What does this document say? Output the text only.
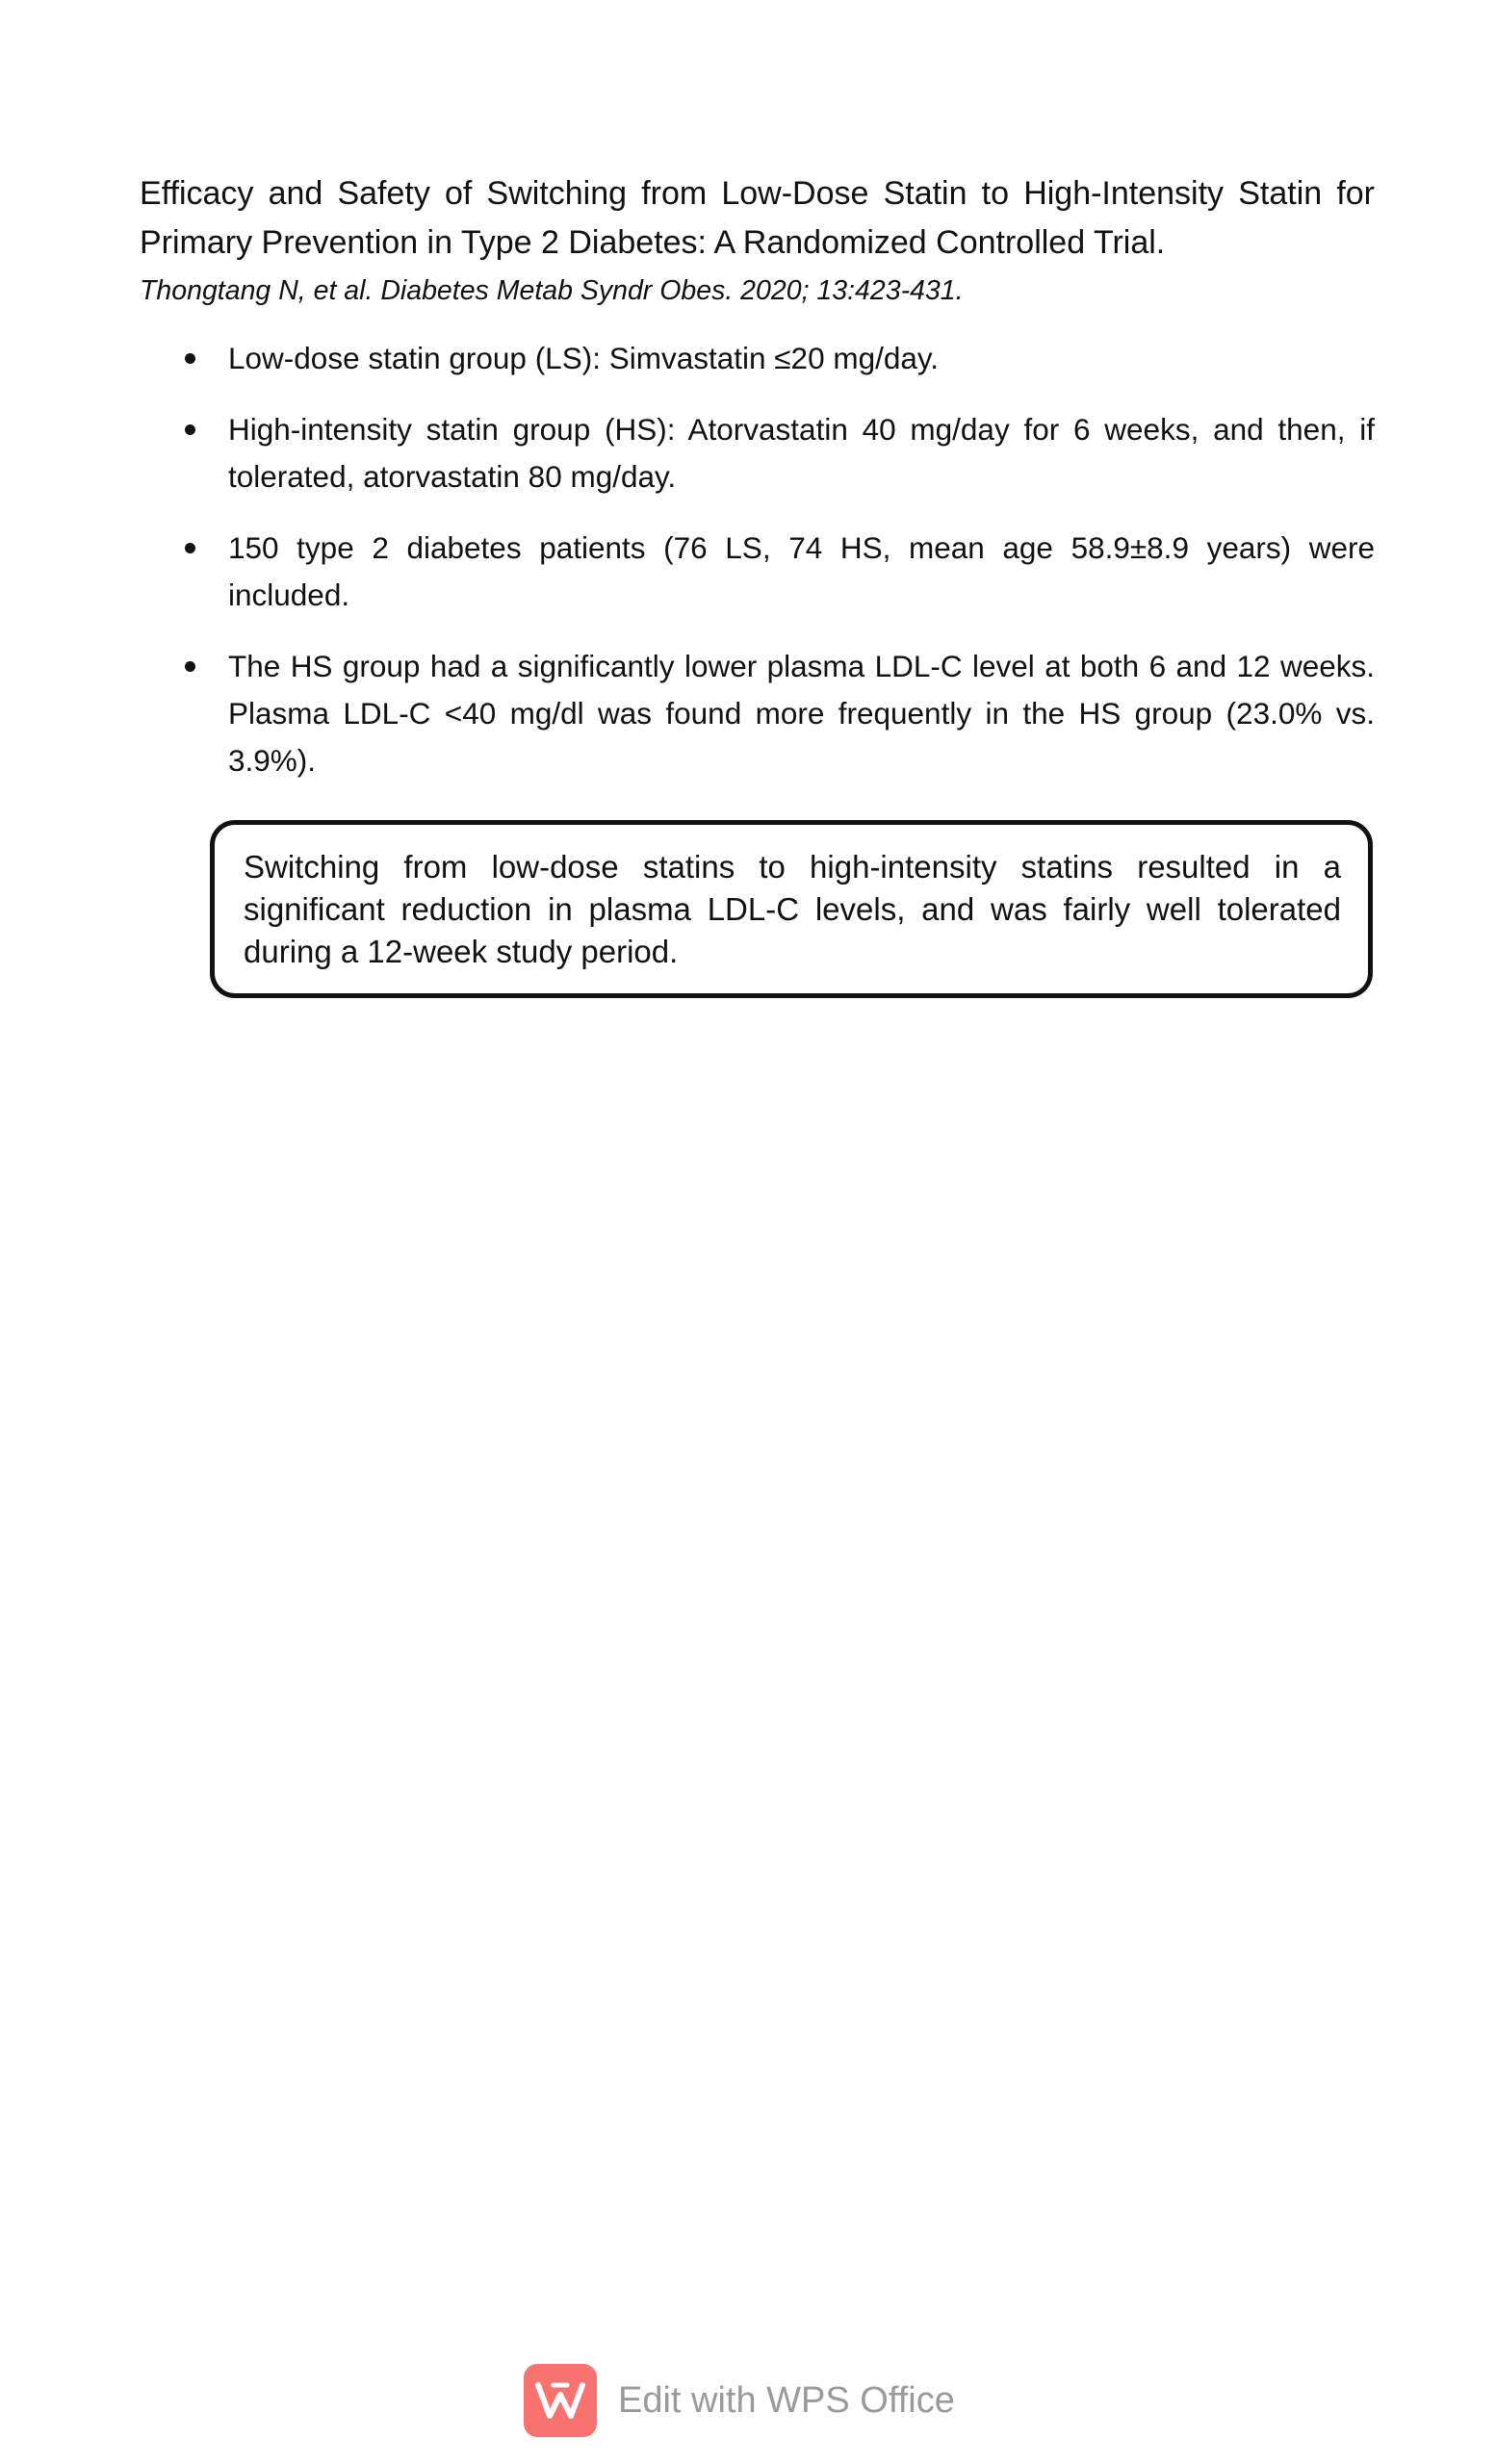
Efficacy and Safety of Switching from Low-Dose Statin to High-Intensity Statin for Primary Prevention in Type 2 Diabetes: A Randomized Controlled Trial.

Thongtang N, et al. Diabetes Metab Syndr Obes. 2020; 13:423-431.

Low-dose statin group (LS): Simvastatin ≤20 mg/day.
High-intensity statin group (HS): Atorvastatin 40 mg/day for 6 weeks, and then, if tolerated, atorvastatin 80 mg/day.
150 type 2 diabetes patients (76 LS, 74 HS, mean age 58.9±8.9 years) were included.
The HS group had a significantly lower plasma LDL-C level at both 6 and 12 weeks. Plasma LDL-C <40 mg/dl was found more frequently in the HS group (23.0% vs. 3.9%).

Switching from low-dose statins to high-intensity statins resulted in a significant reduction in plasma LDL-C levels, and was fairly well tolerated during a 12-week study period.

Edit with WPS Office
